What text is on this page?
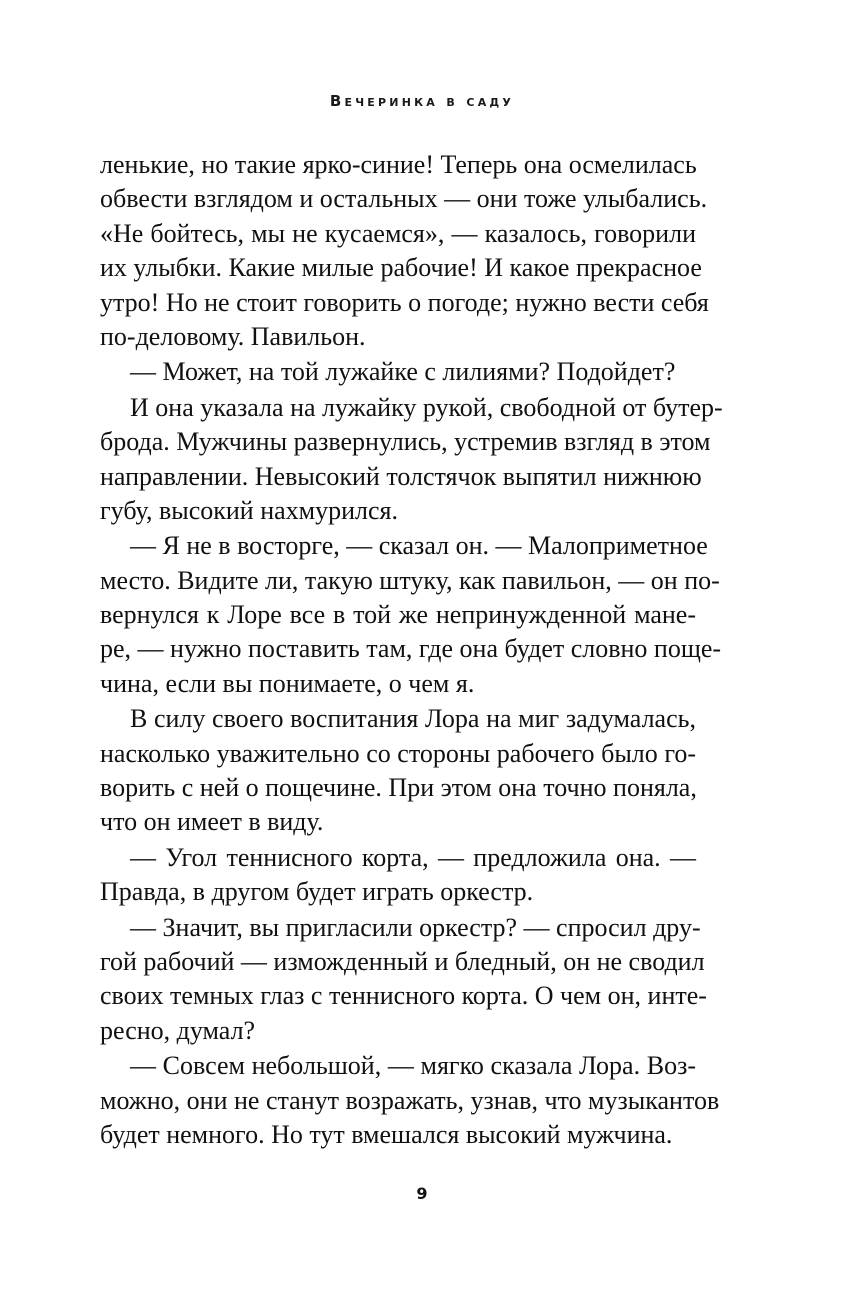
Вечеринка в саду

ленькие, но такие ярко-синие! Теперь она осмелилась
обвести взглядом и остальных — они тоже улыбались.
«Не бойтесь, мы не кусаемся», — казалось, говорили
их улыбки. Какие милые рабочие! И какое прекрасное
утро! Но не стоит говорить о погоде; нужно вести себя
по-деловому. Павильон.

— Может, на той лужайке с лилиями? Подойдет?

И она указала на лужайку рукой, свободной от бутер-
брода. Мужчины развернулись, устремив взгляд в этом
направлении. Невысокий толстячок выпятил нижнюю
губу, высокий нахмурился.

— Я не в восторге, — сказал он. — Малоприметное
место. Видите ли, такую штуку, как павильон, — он по-
вернулся к Лоре все в той же непринужденной мане-
ре, — нужно поставить там, где она будет словно поще-
чина, если вы понимаете, о чем я.

В силу своего воспитания Лора на миг задумалась,
насколько уважительно со стороны рабочего было го-
ворить с ней о пощечине. При этом она точно поняла,
что он имеет в виду.

— Угол теннисного корта, — предложила она. —
Правда, в другом будет играть оркестр.

— Значит, вы пригласили оркестр? — спросил дру-
гой рабочий — изможденный и бледный, он не сводил
своих темных глаз с теннисного корта. О чем он, инте-
ресно, думал?

— Совсем небольшой, — мягко сказала Лора. Воз-
можно, они не станут возражать, узнав, что музыкантов
будет немного. Но тут вмешался высокий мужчина.

9
